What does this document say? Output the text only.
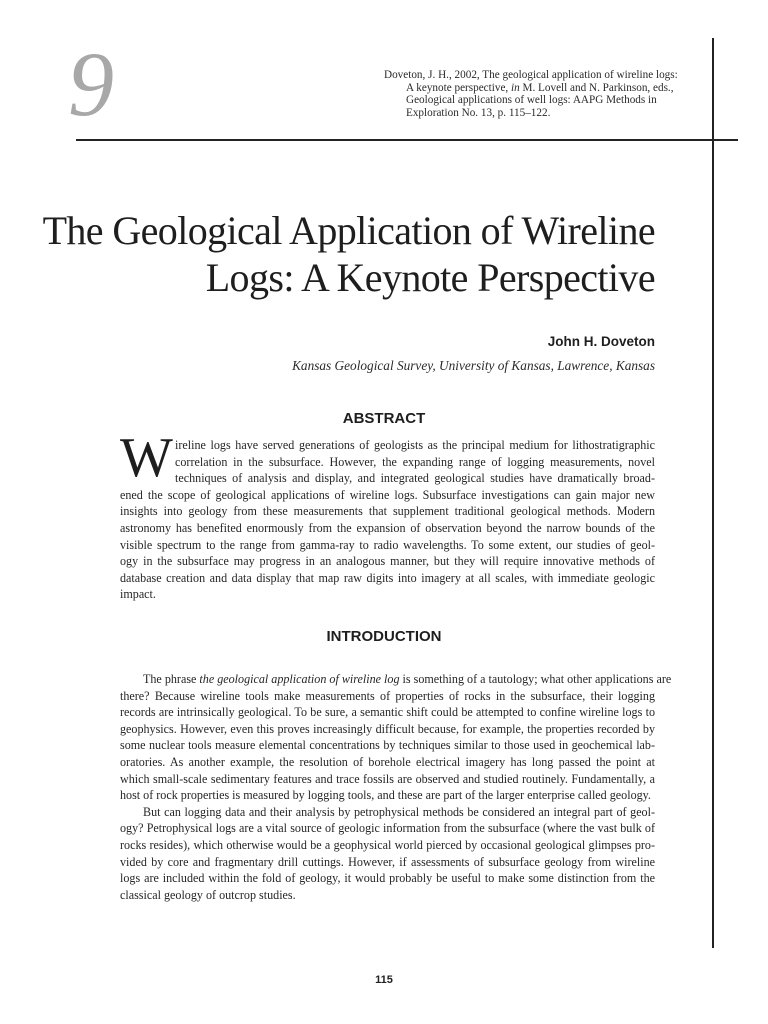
9	Doveton, J. H., 2002, The geological application of wireline logs:
A keynote perspective, in M. Lovell and N. Parkinson, eds.,
Geological applications of well logs: AAPG Methods in
Exploration No. 13, p. 115–122.
The Geological Application of Wireline
Logs: A Keynote Perspective
John H. Doveton
Kansas Geological Survey, University of Kansas, Lawrence, Kansas
ABSTRACT
W ireline logs have served generations of geologists as the principal medium for lithostratigraphic
correlation in the subsurface. However, the expanding range of logging measurements, novel
techniques of analysis and display, and integrated geological studies have dramatically broad-
ened the scope of geological applications of wireline logs. Subsurface investigations can gain major new
insights into geology from these measurements that supplement traditional geological methods. Modern
astronomy has benefited enormously from the expansion of observation beyond the narrow bounds of the
visible spectrum to the range from gamma-ray to radio wavelengths. To some extent, our studies of geol-
ogy in the subsurface may progress in an analogous manner, but they will require innovative methods of
database creation and data display that map raw digits into imagery at all scales, with immediate geologic
impact.
INTRODUCTION
The phrase the geological application of wireline log is something of a tautology; what other applications are
there? Because wireline tools make measurements of properties of rocks in the subsurface, their logging
records are intrinsically geological. To be sure, a semantic shift could be attempted to confine wireline logs to
geophysics. However, even this proves increasingly difficult because, for example, the properties recorded by
some nuclear tools measure elemental concentrations by techniques similar to those used in geochemical lab-
oratories. As another example, the resolution of borehole electrical imagery has long passed the point at
which small-scale sedimentary features and trace fossils are observed and studied routinely. Fundamentally, a
host of rock properties is measured by logging tools, and these are part of the larger enterprise called geology.
But can logging data and their analysis by petrophysical methods be considered an integral part of geol-
ogy? Petrophysical logs are a vital source of geologic information from the subsurface (where the vast bulk of
rocks resides), which otherwise would be a geophysical world pierced by occasional geological glimpses pro-
vided by core and fragmentary drill cuttings. However, if assessments of subsurface geology from wireline
logs are included within the fold of geology, it would probably be useful to make some distinction from the
classical geology of outcrop studies.
115
